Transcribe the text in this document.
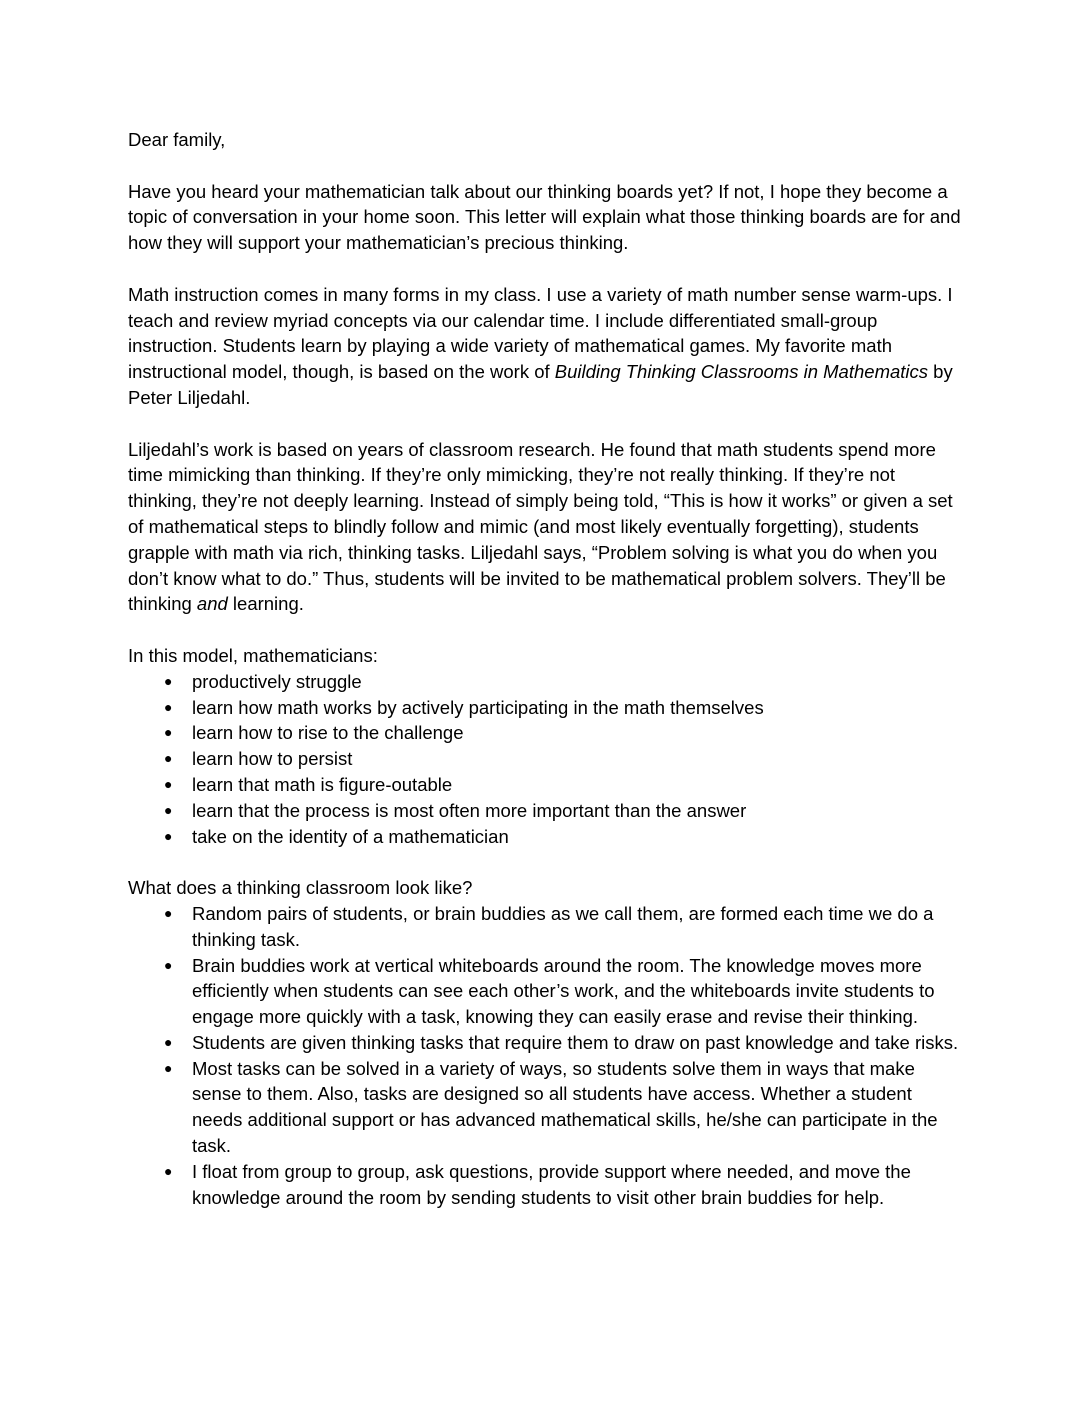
Dear family,

Have you heard your mathematician talk about our thinking boards yet? If not, I hope they become a topic of conversation in your home soon. This letter will explain what those thinking boards are for and how they will support your mathematician’s precious thinking.

Math instruction comes in many forms in my class. I use a variety of math number sense warm-ups. I teach and review myriad concepts via our calendar time. I include differentiated small-group instruction. Students learn by playing a wide variety of mathematical games. My favorite math instructional model, though, is based on the work of Building Thinking Classrooms in Mathematics by Peter Liljedahl.

Liljedahl’s work is based on years of classroom research. He found that math students spend more time mimicking than thinking. If they’re only mimicking, they’re not really thinking. If they’re not thinking, they’re not deeply learning. Instead of simply being told, “This is how it works” or given a set of mathematical steps to blindly follow and mimic (and most likely eventually forgetting), students grapple with math via rich, thinking tasks. Liljedahl says, “Problem solving is what you do when you don’t know what to do.” Thus, students will be invited to be mathematical problem solvers. They’ll be thinking and learning.

In this model, mathematicians:

● productively struggle
● learn how math works by actively participating in the math themselves
● learn how to rise to the challenge
● learn how to persist
● learn that math is figure-outable
● learn that the process is most often more important than the answer
● take on the identity of a mathematician

What does a thinking classroom look like?

● Random pairs of students, or brain buddies as we call them, are formed each time we do a thinking task.
● Brain buddies work at vertical whiteboards around the room. The knowledge moves more efficiently when students can see each other’s work, and the whiteboards invite students to engage more quickly with a task, knowing they can easily erase and revise their thinking.
● Students are given thinking tasks that require them to draw on past knowledge and take risks.
● Most tasks can be solved in a variety of ways, so students solve them in ways that make sense to them. Also, tasks are designed so all students have access. Whether a student needs additional support or has advanced mathematical skills, he/she can participate in the task.
● I float from group to group, ask questions, provide support where needed, and move the knowledge around the room by sending students to visit other brain buddies for help.
